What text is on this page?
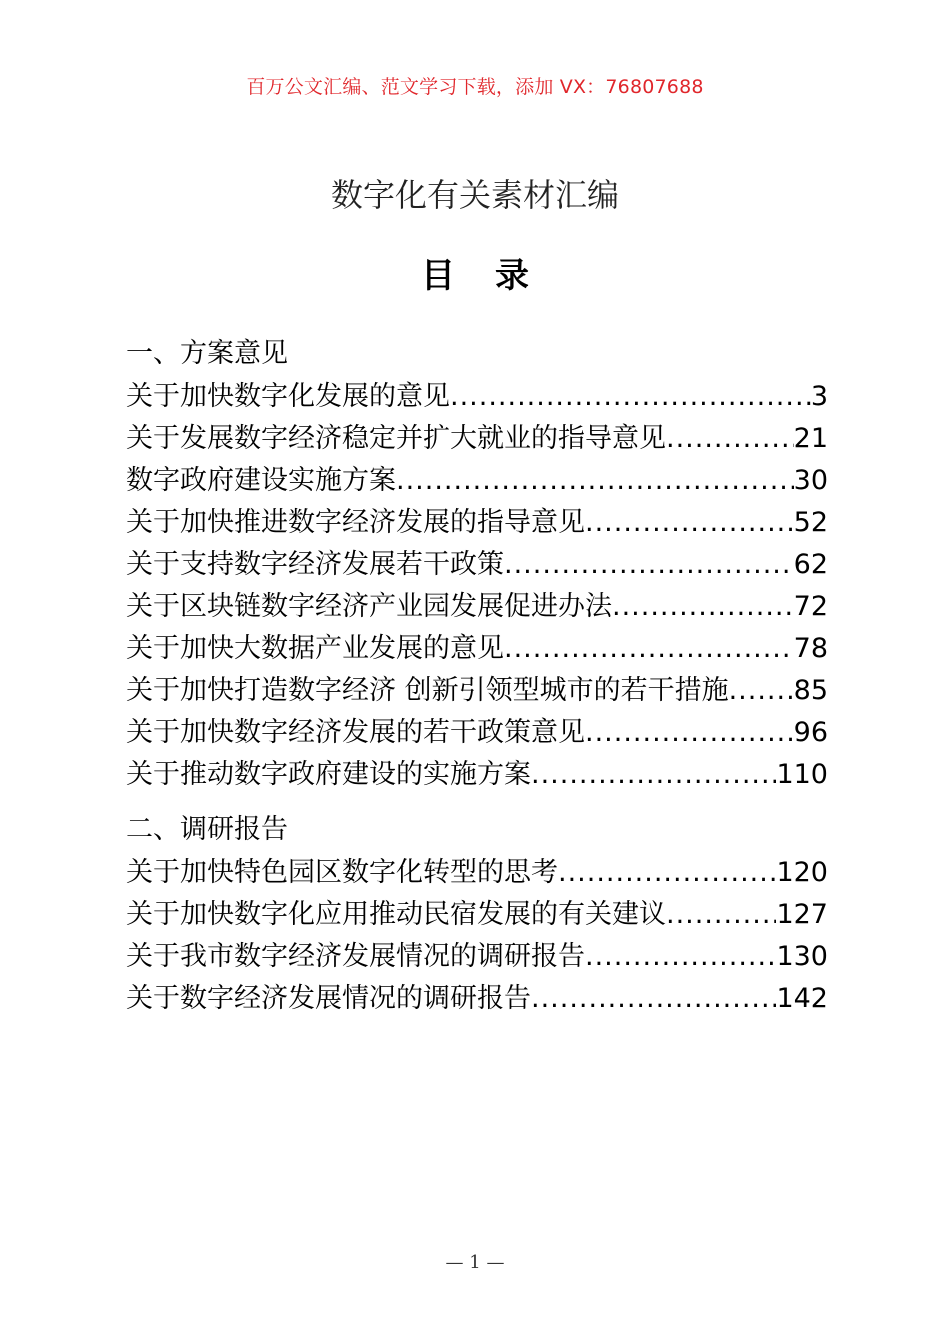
百万公文汇编、范文学习下载，添加 VX：76807688
数字化有关素材汇编
目录
一、方案意见
关于加快数字化发展的意见 .....	3
关于发展数字经济稳定并扩大就业的指导意见 .....	21
数字政府建设实施方案 .....	30
关于加快推进数字经济发展的指导意见 .....	52
关于支持数字经济发展若干政策 .....	62
关于区块链数字经济产业园发展促进办法 .....	72
关于加快大数据产业发展的意见 .....	78
关于加快打造数字经济 创新引领型城市的若干措施 ..... 85
关于加快数字经济发展的若干政策意见 .....	96
关于推动数字政府建设的实施方案 .....	110
二、调研报告
关于加快特色园区数字化转型的思考 .....	120
关于加快数字化应用推动民宿发展的有关建议 .....	127
关于我市数字经济发展情况的调研报告 .....	130
关于数字经济发展情况的调研报告 .....	142
— 1 —
